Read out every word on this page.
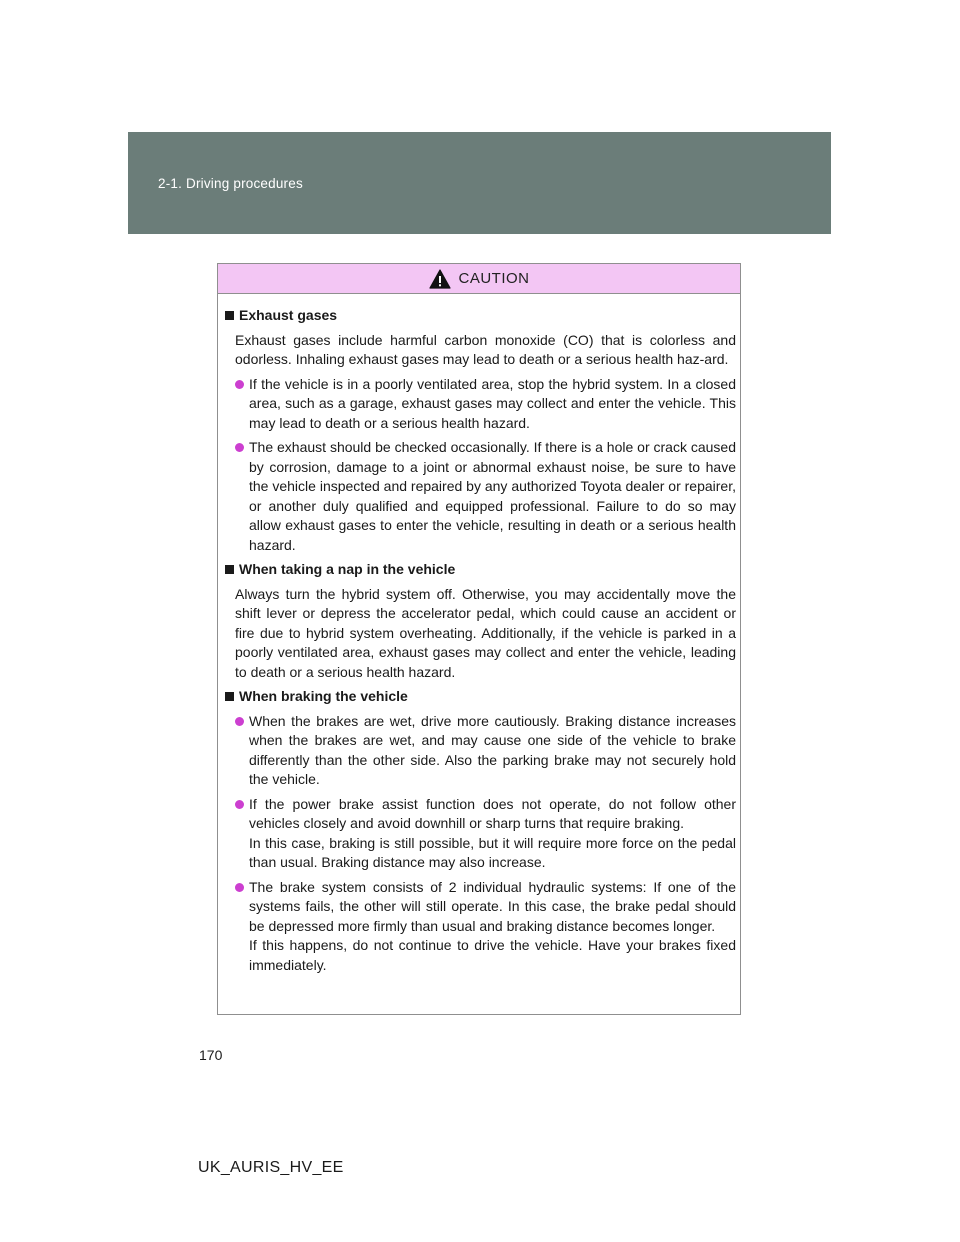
2-1. Driving procedures
CAUTION
Exhaust gases
Exhaust gases include harmful carbon monoxide (CO) that is colorless and odorless. Inhaling exhaust gases may lead to death or a serious health haz-ard.

If the vehicle is in a poorly ventilated area, stop the hybrid system. In a closed area, such as a garage, exhaust gases may collect and enter the vehicle. This may lead to death or a serious health hazard.

The exhaust should be checked occasionally. If there is a hole or crack caused by corrosion, damage to a joint or abnormal exhaust noise, be sure to have the vehicle inspected and repaired by any authorized Toyota dealer or repairer, or another duly qualified and equipped professional. Failure to do so may allow exhaust gases to enter the vehicle, resulting in death or a serious health hazard.

When taking a nap in the vehicle
Always turn the hybrid system off. Otherwise, you may accidentally move the shift lever or depress the accelerator pedal, which could cause an accident or fire due to hybrid system overheating. Additionally, if the vehicle is parked in a poorly ventilated area, exhaust gases may collect and enter the vehicle, leading to death or a serious health hazard.
When braking the vehicle

When the brakes are wet, drive more cautiously. Braking distance increases when the brakes are wet, and may cause one side of the vehicle to brake differently than the other side. Also the parking brake may not securely hold the vehicle.

If the power brake assist function does not operate, do not follow other vehicles closely and avoid downhill or sharp turns that require braking.

In this case, braking is still possible, but it will require more force on the pedal than usual. Braking distance may also increase.

The brake system consists of 2 individual hydraulic systems: If one of the systems fails, the other will still operate. In this case, the brake pedal should be depressed more firmly than usual and braking distance becomes longer.

If this happens, do not continue to drive the vehicle. Have your brakes fixed immediately.

170
UK_AURIS_HV_EE
